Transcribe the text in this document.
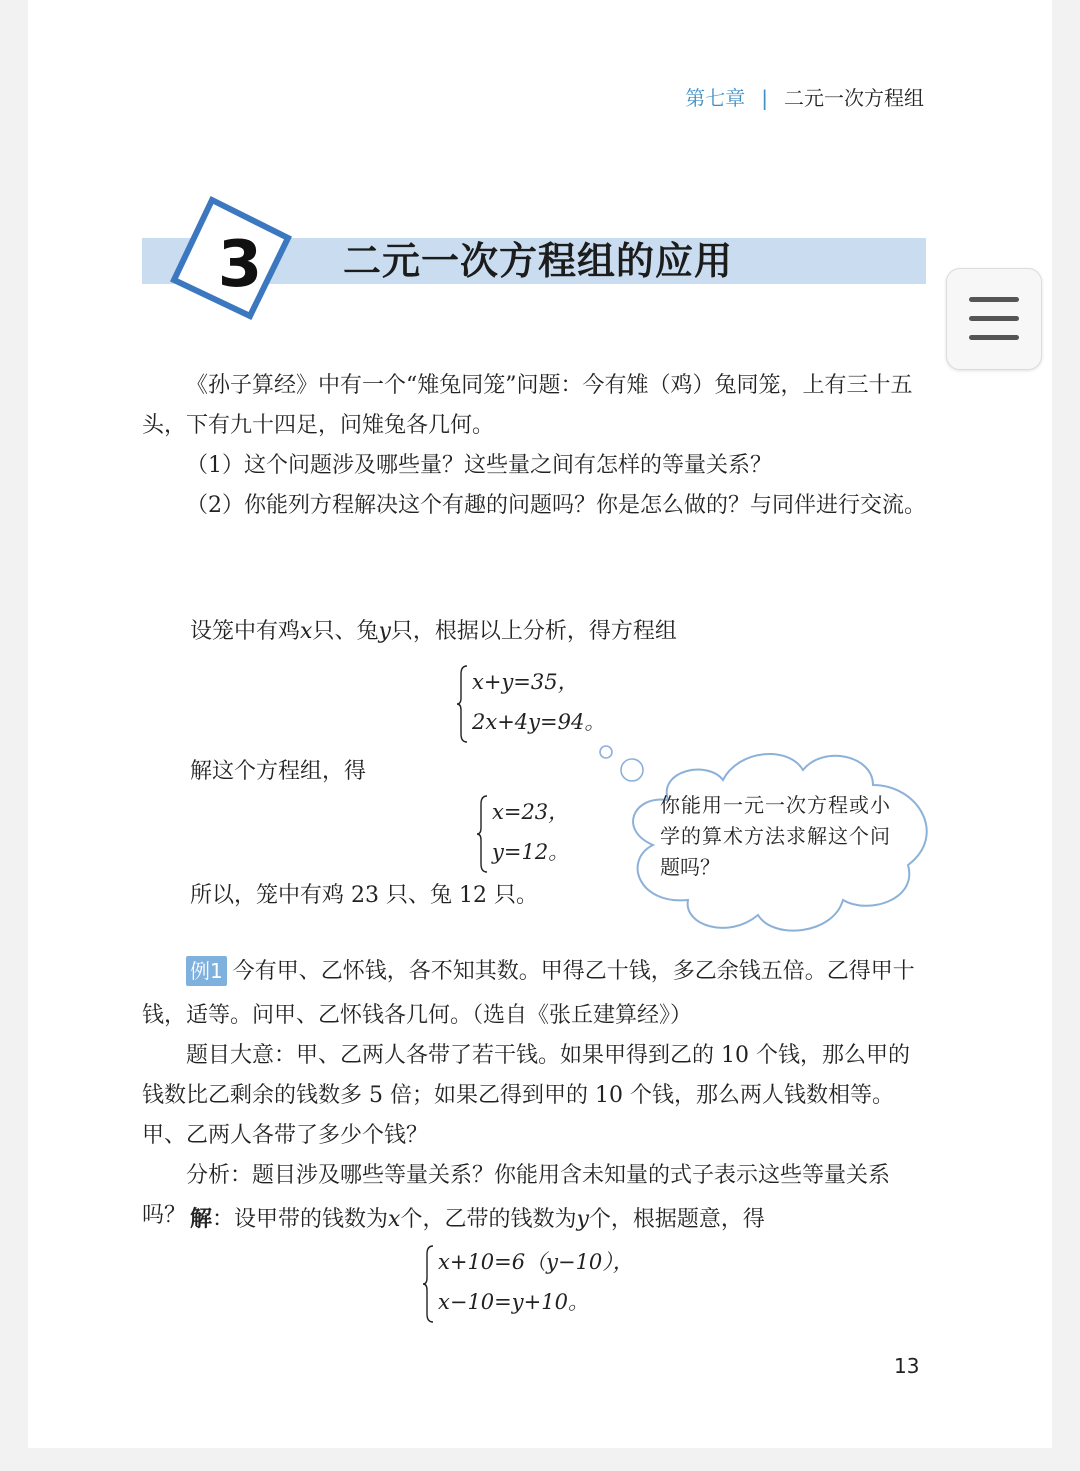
第七章 | 二元一次方程组
3 二元一次方程组的应用
《孙子算经》中有一个“雉兔同笼”问题：今有雉（鸡）兔同笼，上有三十五头，下有九十四足，问雉兔各几何。
（1）这个问题涉及哪些量？这些量之间有怎样的等量关系？
（2）你能列方程解决这个有趣的问题吗？你是怎么做的？与同伴进行交流。
设笼中有鸡x只、兔y只，根据以上分析，得方程组
x+y=35，
2x+4y=94。
解这个方程组，得
x=23，
y=12。
所以，笼中有鸡 23 只、兔 12 只。
你能用一元一次方程或小学的算术方法求解这个问题吗？
例1 今有甲、乙怀钱，各不知其数。甲得乙十钱，多乙余钱五倍。乙得甲十钱，适等。问甲、乙怀钱各几何。（选自《张丘建算经》）
题目大意：甲、乙两人各带了若干钱。如果甲得到乙的 10 个钱，那么甲的钱数比乙剩余的钱数多 5 倍；如果乙得到甲的 10 个钱，那么两人钱数相等。甲、乙两人各带了多少个钱？
分析：题目涉及哪些等量关系？你能用含未知量的式子表示这些等量关系吗？ 解：设甲带的钱数为x个，乙带的钱数为y个，根据题意，得
x+10=6（y−10），
x−10=y+10。
13
